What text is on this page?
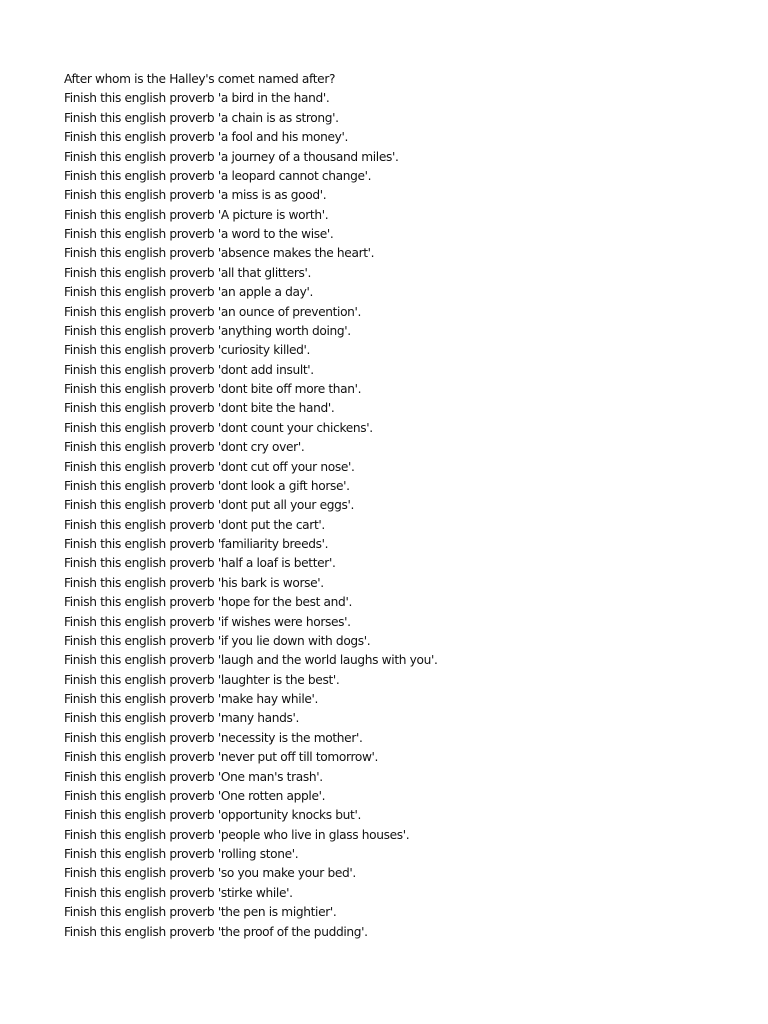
After whom is the Halley's comet named after?
Finish this english proverb 'a bird in the hand'.
Finish this english proverb 'a chain is as strong'.
Finish this english proverb 'a fool and his money'.
Finish this english proverb 'a journey of a thousand miles'.
Finish this english proverb 'a leopard cannot change'.
Finish this english proverb 'a miss is as good'.
Finish this english proverb 'A picture is worth'.
Finish this english proverb 'a word to the wise'.
Finish this english proverb 'absence makes the heart'.
Finish this english proverb 'all that glitters'.
Finish this english proverb 'an apple a day'.
Finish this english proverb 'an ounce of prevention'.
Finish this english proverb 'anything worth doing'.
Finish this english proverb 'curiosity killed'.
Finish this english proverb 'dont add insult'.
Finish this english proverb 'dont bite off more than'.
Finish this english proverb 'dont bite the hand'.
Finish this english proverb 'dont count your chickens'.
Finish this english proverb 'dont cry over'.
Finish this english proverb 'dont cut off your nose'.
Finish this english proverb 'dont look a gift horse'.
Finish this english proverb 'dont put all your eggs'.
Finish this english proverb 'dont put the cart'.
Finish this english proverb 'familiarity breeds'.
Finish this english proverb 'half a loaf is better'.
Finish this english proverb 'his bark is worse'.
Finish this english proverb 'hope for the best and'.
Finish this english proverb 'if wishes were horses'.
Finish this english proverb 'if you lie down with dogs'.
Finish this english proverb 'laugh and the world laughs with you'.
Finish this english proverb 'laughter is the best'.
Finish this english proverb 'make hay while'.
Finish this english proverb 'many hands'.
Finish this english proverb 'necessity is the mother'.
Finish this english proverb 'never put off till tomorrow'.
Finish this english proverb 'One man's trash'.
Finish this english proverb 'One rotten apple'.
Finish this english proverb 'opportunity knocks but'.
Finish this english proverb 'people who live in glass houses'.
Finish this english proverb 'rolling stone'.
Finish this english proverb 'so you make your bed'.
Finish this english proverb 'stirke while'.
Finish this english proverb 'the pen is mightier'.
Finish this english proverb 'the proof of the pudding'.
